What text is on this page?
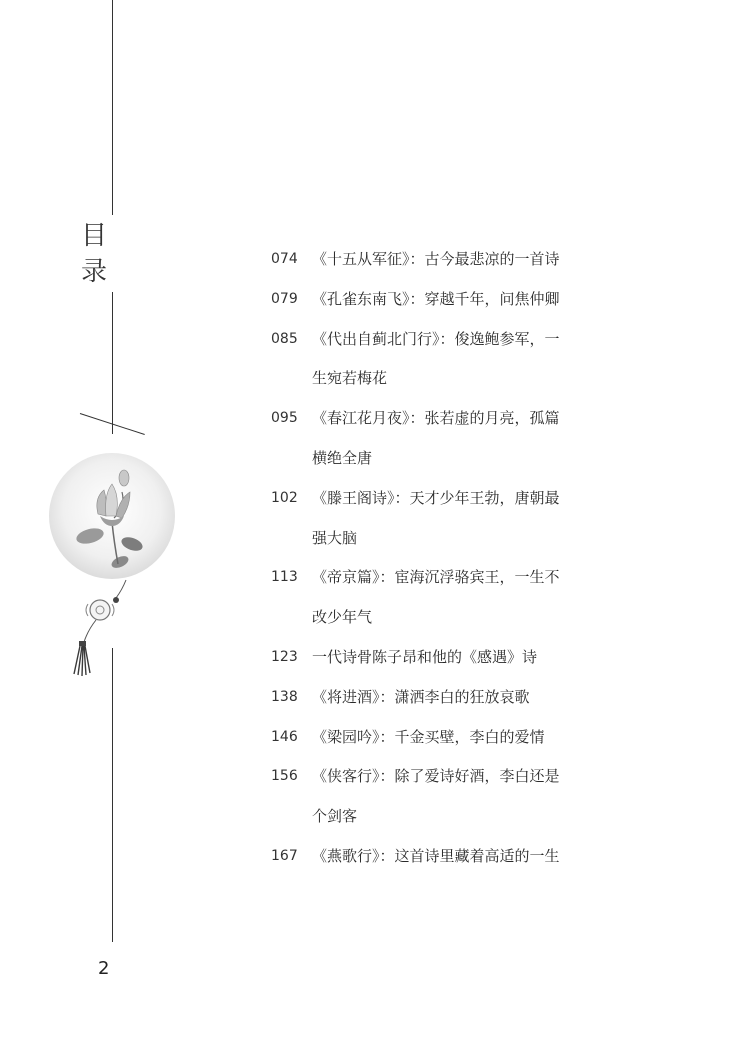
目
录	074 《十五从军征》：古今最悲凉的一首诗
079 《孔雀东南飞》：穿越千年，问焦仲卿
085 《代出自蓟北门行》：俊逸鲍参军，一
生宛若梅花
095 《春江花月夜》：张若虚的月亮，孤篇
横绝全唐
102 《滕王阁诗》：天才少年王勃，唐朝最
强大脑
113 《帝京篇》：宦海沉浮骆宾王，一生不
改少年气
123 一代诗骨陈子昂和他的《感遇》诗
138 《将进酒》：潇洒李白的狂放哀歌
146 《梁园吟》：千金买壁，李白的爱情
156 《侠客行》：除了爱诗好酒，李白还是
个剑客
167 《燕歌行》：这首诗里藏着高适的一生
2
